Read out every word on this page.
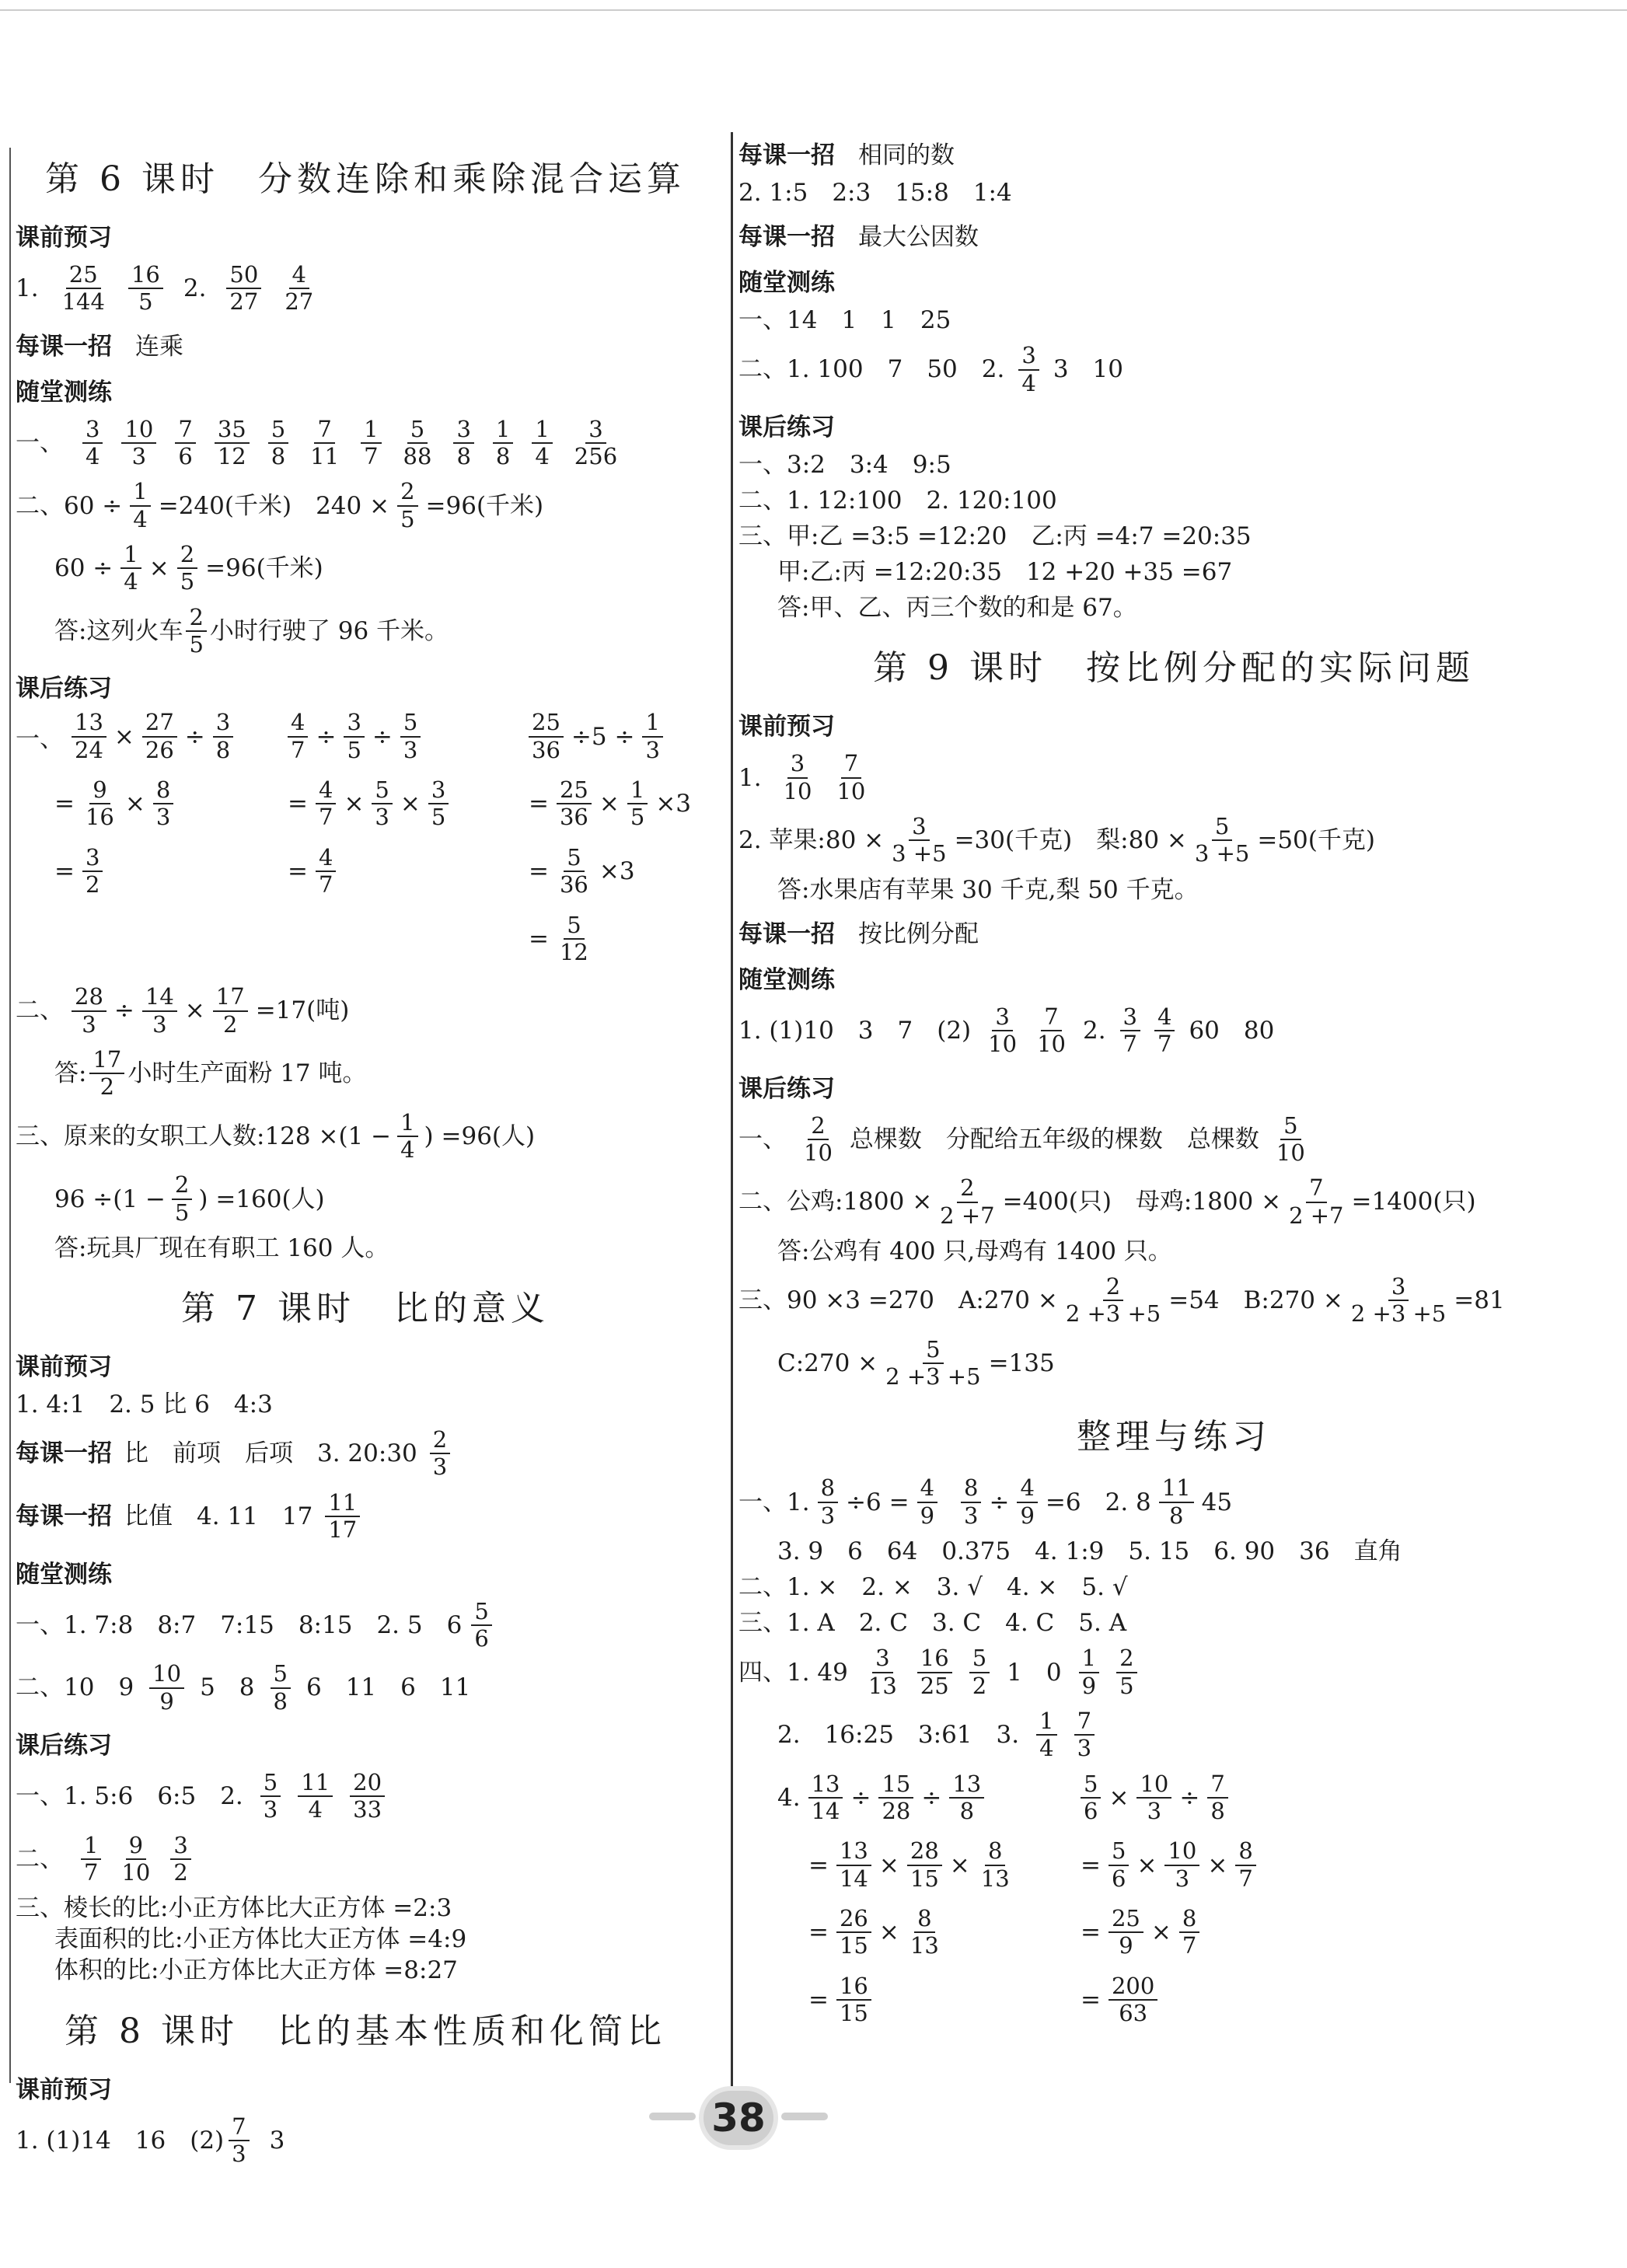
第 6 课时　分数连除和乘除混合运算
课前预习
1. $\frac{25}{144} \frac{16}{5} 2$. $\frac{50}{27} \frac{4}{27}$
每课一招 连乘
随堂测练
一、 $\frac{3}{4} \frac{10}{3} \frac{7}{6} \frac{35}{12} \frac{5}{8} \frac{7}{11} \frac{1}{7} \frac{5}{88} \frac{3}{8} \frac{1}{8} \frac{1}{4} \frac{3}{256}$
二、$60 \div \frac{1}{4} =240$(千米)　$240 \times \frac{2}{5} =96$(千米)
$60 \div \frac{1}{4} \times \frac{2}{5} =96$(千米)
答:这列火车 $\frac{2}{5}$ 小时行驶了 96 千米。
课后练习
一、 $\frac{13}{24} \times \frac{27}{26} \div \frac{3}{8}$
= $\frac{9}{16} \times \frac{8}{3}$
= $\frac{3}{2}$
$\frac{4}{7} \div \frac{3}{5} \div \frac{5}{3}$
= $\frac{4}{7} \times \frac{5}{3} \times \frac{3}{5}$
= $\frac{4}{7}$
$\frac{25}{36} \div 5 \div \frac{1}{3}$
= $\frac{25}{36} \times \frac{1}{5} \times 3$
= $\frac{5}{36} \times 3$
= $\frac{5}{12}$
二、 $\frac{28}{3} \div \frac{14}{3} \times \frac{17}{2} =17$(吨)
答: $\frac{17}{2}$ 小时生产面粉 17 吨。
三、原来的女职工人数:128 $\times(1 - \frac{1}{4}$ ) =96(人)
$96 \div(1 - \frac{2}{5}$ ) =160(人)
答:玩具厂现在有职工 160 人。
第 7 课时　比的意义
课前预习
1. 4:1　2. 5 比 6　4:3
每课一招 比　前项　后项　3. 20:30 $\frac{2}{3}$
每课一招 比值　4. 11　$17 \frac{11}{17}$
随堂测练
一、1. 7:8　8:7　7:15　8:15　2. 5　$6 \frac{5}{6}$
二、10　$9 \frac{10}{9} 5$　$8 \frac{5}{8} 6$　11　6　11
课后练习
一、1. 5:6　6:5　2. $\frac{5}{3} \frac{11}{4} \frac{20}{33}$
二、 $\frac{1}{7} \frac{9}{10} \frac{3}{2}$
三、棱长的比:小正方体比大正方体 =2:3
表面积的比:小正方体比大正方体 =4:9
体积的比:小正方体比大正方体 =8:27
第 8 课时　比的基本性质和化简比
课前预习
1. (1)14　16　$(2) \frac{7}{3} 3$
每课一招 相同的数
2. 1:5　2:3　15:8　1:4
每课一招 最大公因数
随堂测练
一、14　1　1　25
二、1. 100　7　50　2. $\frac{3}{4} 3$　10
课后练习
一、3:2　3:4　9:5
二、1. 12:100　2. 120:100
三、甲:乙 =3:5 =12:20　乙:丙 =4:7 =20:35
甲:乙:丙 =12:20:35　12 +20 +35 =67
答:甲、乙、丙三个数的和是 67。
第 9 课时　按比例分配的实际问题
课前预习
1. $\frac{3}{10} \frac{7}{10}$
2. 苹果:80 × $\frac{3}{3 +5} =30$(千克)　梨:80 × $\frac{5}{3 +5} =50$(千克)
答:水果店有苹果 30 千克,梨 50 千克。
每课一招 按比例分配
随堂测练
1. (1)10　3　7　$(2) \frac{3}{10} \frac{7}{10} 2$. $\frac{3}{7} \frac{4}{7} 60$　80
课后练习
一、 $\frac{2}{10}$ 总棵数　分配给五年级的棵数　总棵数 $\frac{5}{10}$
二、公鸡:1800 × $\frac{2}{2 +7} =400$(只)　母鸡:1800 × $\frac{7}{2 +7} =1400$(只)
答:公鸡有 400 只,母鸡有 1400 只。
三、90 ×3 =270　A:270 × $\frac{2}{2 +3 +5} =54$　B:270 × $\frac{3}{2 +3 +5} =81$
C:270 × $\frac{5}{2 +3 +5} =135$
整理与练习
一、1. $\frac{8}{3} \div 6 = \frac{4}{9} \frac{8}{3} \div \frac{4}{9} =6$　2. $8 \frac{11}{8} 45$
3. 9　6　64　0.375　4. 1:9　5. 15　6. 90　36　直角
二、1. ×　2. ×　3. √　4. ×　5. √
三、1. A　2. C　3. C　4. C　5. A
四、1. $49 \frac{3}{13} \frac{16}{25} \frac{5}{2} 1$　$0 \frac{1}{9} \frac{2}{5}$
2.　16:25　3:61　3. $\frac{1}{4} \frac{7}{3}$
4. $\frac{13}{14} \div \frac{15}{28} \div \frac{13}{8}$
= $\frac{13}{14} \times \frac{28}{15} \times \frac{8}{13}$
= $\frac{26}{15} \times \frac{8}{13}$
= $\frac{16}{15}$
$\frac{5}{6} \times \frac{10}{3} \div \frac{7}{8}$
= $\frac{5}{6} \times \frac{10}{3} \times \frac{8}{7}$
= $\frac{25}{9} \times \frac{8}{7}$
= $\frac{200}{63}$
38
